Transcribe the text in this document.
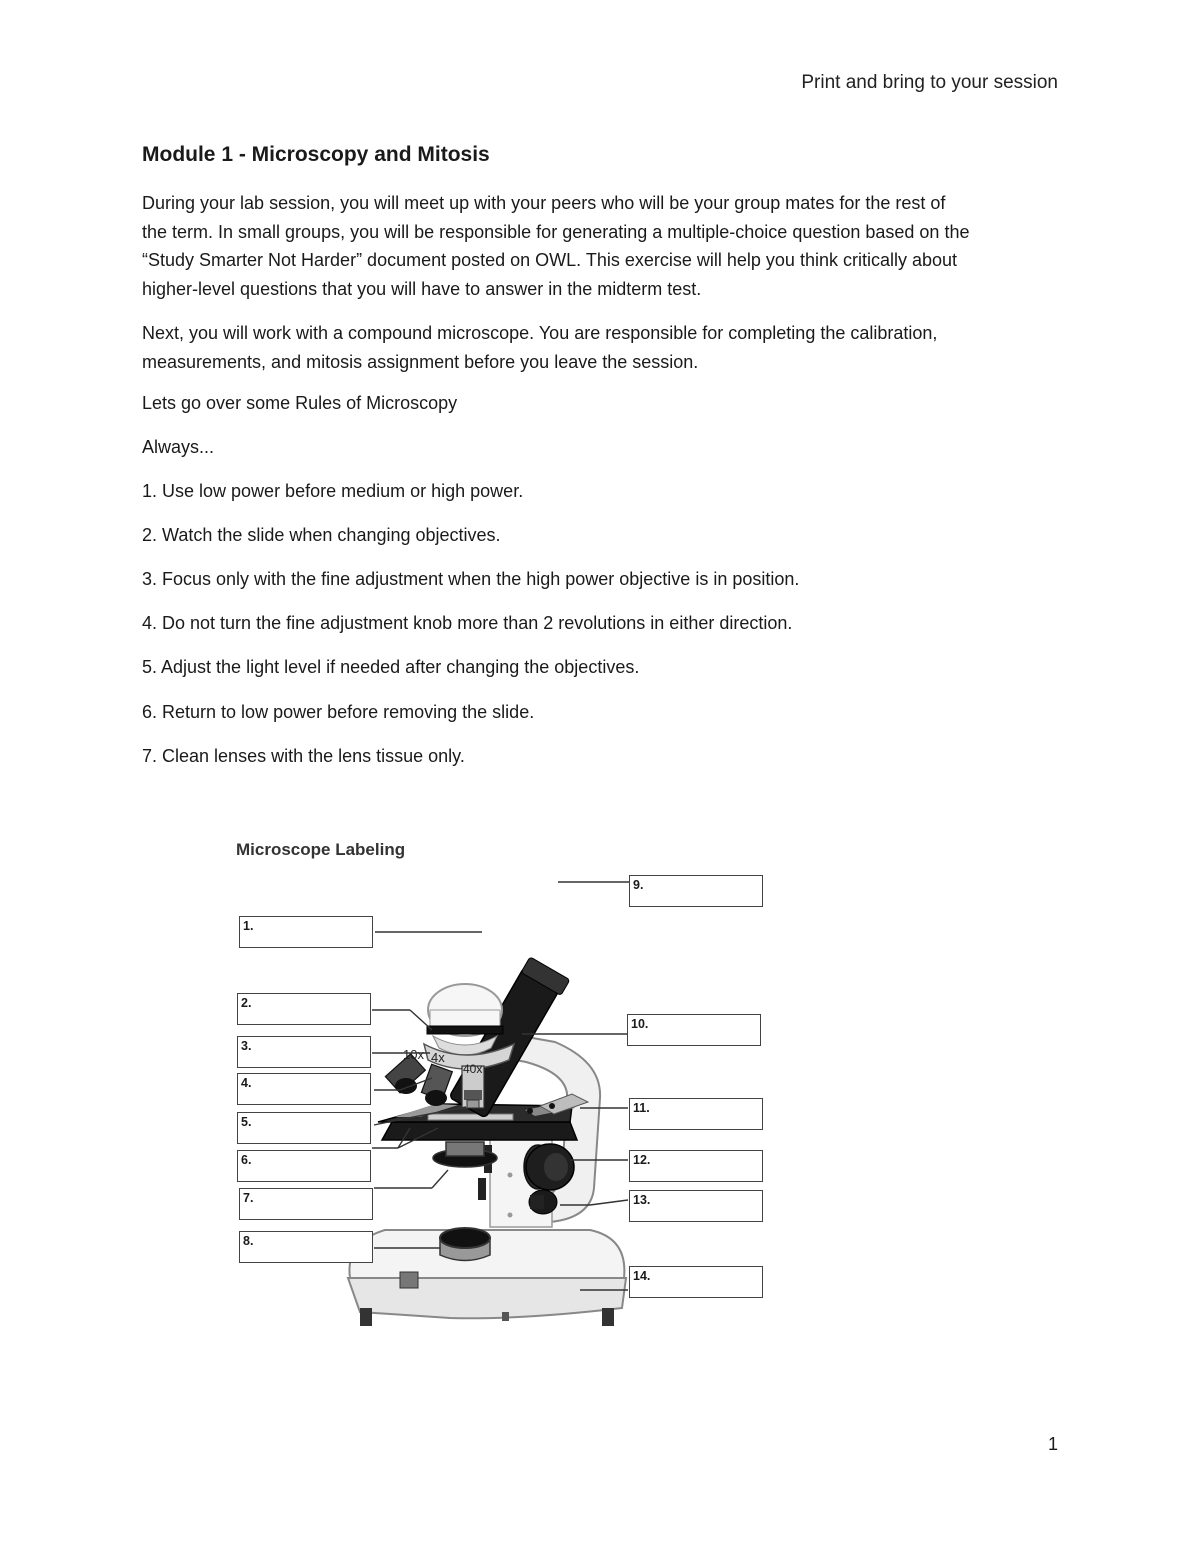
Print and bring to your session
Module 1 - Microscopy and Mitosis
During your lab session, you will meet up with your peers who will be your group mates for the rest of
the term. In small groups, you will be responsible for generating a multiple-choice question based on the
“Study Smarter Not Harder” document posted on OWL. This exercise will help you think critically about
higher-level questions that you will have to answer in the midterm test.
Next, you will work with a compound microscope. You are responsible for completing the calibration,
measurements, and mitosis assignment before you leave the session.
Lets go over some Rules of Microscopy
Always...
1. Use low power before medium or high power.
2. Watch the slide when changing objectives.
3. Focus only with the fine adjustment when the high power objective is in position.
4. Do not turn the fine adjustment knob more than 2 revolutions in either direction.
5. Adjust the light level if needed after changing the objectives.
6. Return to low power before removing the slide.
7. Clean lenses with the lens tissue only.
Microscope Labeling
10x 4x
40x
1.
2.
3.
4.
5.
6.
7.
8.
9.
10.
11.
12.
13.
14.
1
